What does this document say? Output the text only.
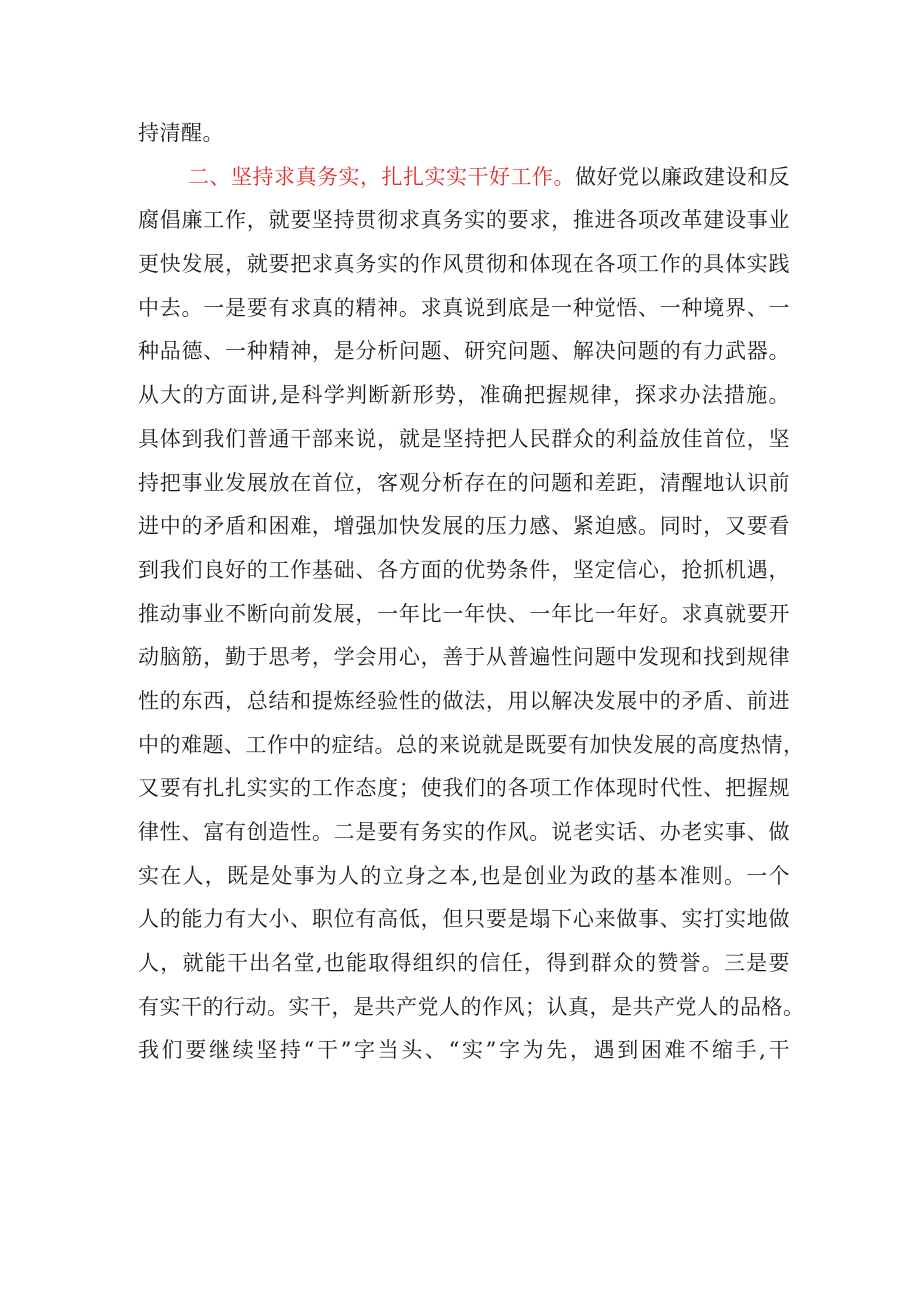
持清醒。
二、坚持求真务实，扎扎实实干好工作。做好党以廉政建设和反
腐倡廉工作，就要坚持贯彻求真务实的要求，推进各项改革建设事业
更快发展，就要把求真务实的作风贯彻和体现在各项工作的具体实践
中去。一是要有求真的精神。求真说到底是一种觉悟、一种境界、一
种品德、一种精神，是分析问题、研究问题、解决问题的有力武器。
从大的方面讲,是科学判断新形势，准确把握规律，探求办法措施。
具体到我们普通干部来说，就是坚持把人民群众的利益放佳首位，坚
持把事业发展放在首位，客观分析存在的问题和差距，清醒地认识前
进中的矛盾和困难，增强加快发展的压力感、紧迫感。同时，又要看
到我们良好的工作基础、各方面的优势条件，坚定信心，抢抓机遇，
推动事业不断向前发展，一年比一年快、一年比一年好。求真就要开
动脑筋，勤于思考，学会用心，善于从普遍性问题中发现和找到规律
性的东西，总结和提炼经验性的做法，用以解决发展中的矛盾、前进
中的难题、工作中的症结。总的来说就是既要有加快发展的高度热情，
又要有扎扎实实的工作态度；使我们的各项工作体现时代性、把握规
律性、富有创造性。二是要有务实的作风。说老实话、办老实事、做
实在人，既是处事为人的立身之本,也是创业为政的基本准则。一个
人的能力有大小、职位有高低，但只要是塌下心来做事、实打实地做
人，就能干出名堂,也能取得组织的信任，得到群众的赞誉。三是要
有实干的行动。实干，是共产党人的作风；认真，是共产党人的品格。
我们要继续坚持“干”字当头、“实”字为先，遇到困难不缩手,干
